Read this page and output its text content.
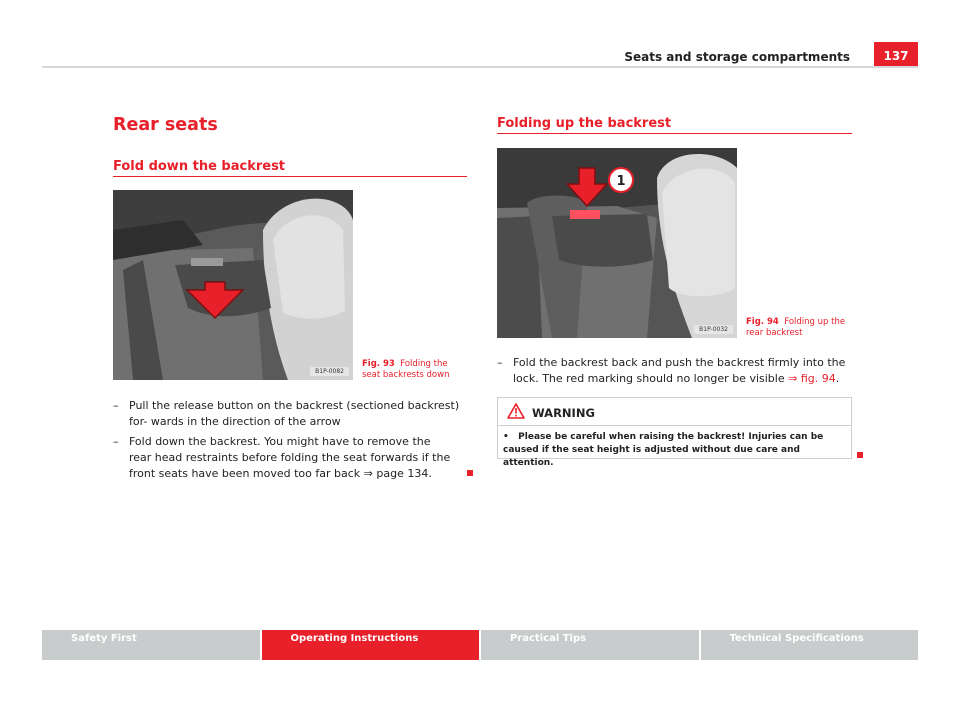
Seats and storage compartments	137
Rear seats
Fold down the backrest
B1P-0082
Fig. 93 Folding the seat backrests down
– Pull the release button on the backrest (sectioned backrest) for- wards in the direction of the arrow
– Fold down the backrest. You might have to remove the rear head restraints before folding the seat forwards if the front seats have been moved too far back ⇒ page 134.
Folding up the backrest
1
B1P-0032
Fig. 94 Folding up the rear backrest
– Fold the backrest back and push the backrest firmly into the lock. The red marking should no longer be visible ⇒ fig. 94.
WARNING
• Please be careful when raising the backrest! Injuries can be caused if the seat height is adjusted without due care and attention.
Safety First	Operating Instructions	Practical Tips	Technical Specifications
